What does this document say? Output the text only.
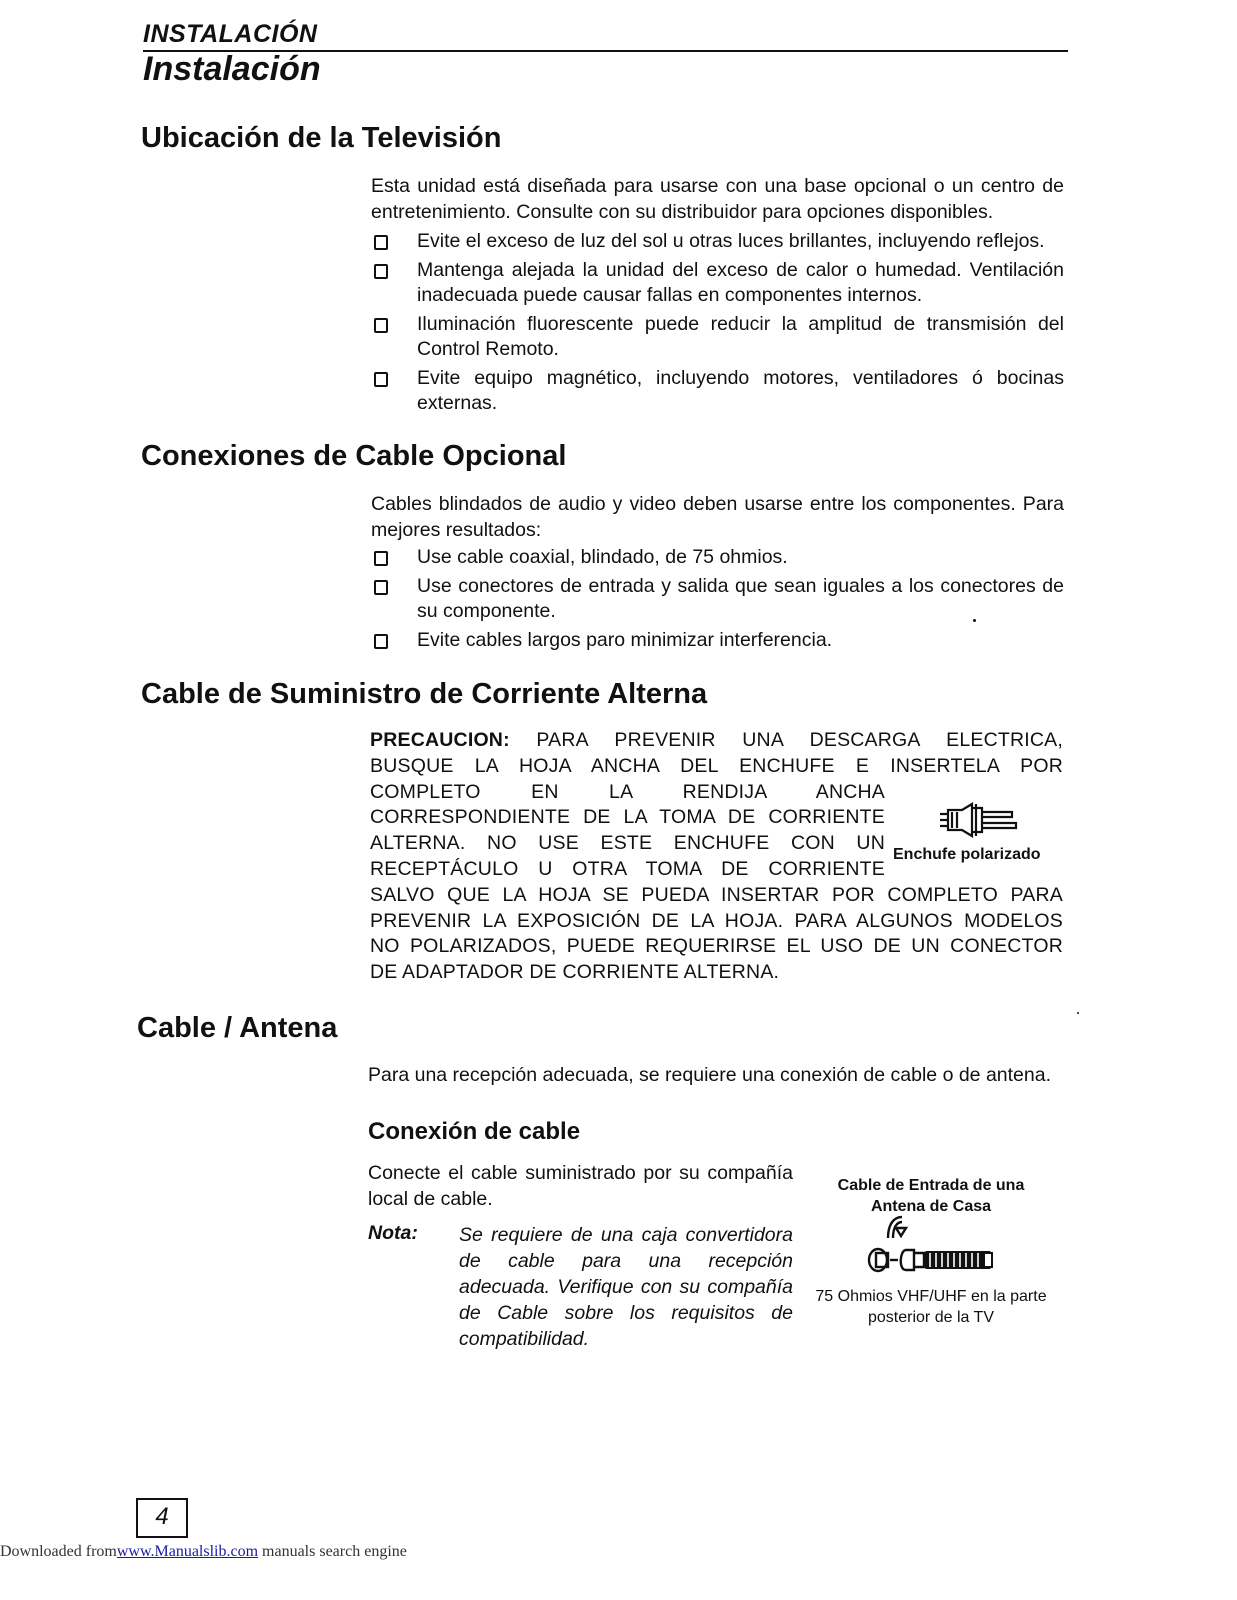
INSTALACIÓN
Instalación
Ubicación de la Televisión
Esta unidad está diseñada para usarse con una base opcional o un centro de entretenimiento. Consulte con su distribuidor para opciones disponibles.
Evite el exceso de luz del sol u otras luces brillantes, incluyendo reflejos.
Mantenga alejada la unidad del exceso de calor o humedad. Ventilación inadecuada puede causar fallas en componentes internos.
Iluminación fluorescente puede reducir la amplitud de transmisión del Control Remoto.
Evite equipo magnético, incluyendo motores, ventiladores ó bocinas externas.
Conexiones de Cable Opcional
Cables blindados de audio y video deben usarse entre los componentes. Para mejores resultados:
Use cable coaxial, blindado, de 75 ohmios.
Use conectores de entrada y salida que sean iguales a los conectores de su componente.
Evite cables largos paro minimizar interferencia.
Cable de Suministro de Corriente Alterna
PRECAUCION: PARA PREVENIR UNA DESCARGA ELECTRICA,
BUSQUE LA HOJA ANCHA DEL ENCHUFE E INSERTELA POR
COMPLETO EN LA RENDIJA ANCHA
CORRESPONDIENTE DE LA TOMA DE CORRIENTE
ALTERNA. NO USE ESTE ENCHUFE CON UN
RECEPTÁCULO U OTRA TOMA DE CORRIENTE
SALVO QUE LA HOJA SE PUEDA INSERTAR POR COMPLETO PARA
PREVENIR LA EXPOSICIÓN DE LA HOJA. PARA ALGUNOS MODELOS
NO POLARIZADOS, PUEDE REQUERIRSE EL USO DE UN CONECTOR
DE ADAPTADOR DE CORRIENTE ALTERNA.
Enchufe polarizado
Cable / Antena
Para una recepción adecuada, se requiere una conexión de cable o de antena.
Conexión de cable
Conecte el cable suministrado por su compañía local de cable.
Nota: Se requiere de una caja convertidora de cable para una recepción adecuada. Verifique con su compañía de Cable sobre los requisitos de compatibilidad.
Cable de Entrada de una Antena de Casa
75 Ohmios VHF/UHF en la parte posterior de la TV
4
Downloaded fromwww.Manualslib.com manuals search engine
